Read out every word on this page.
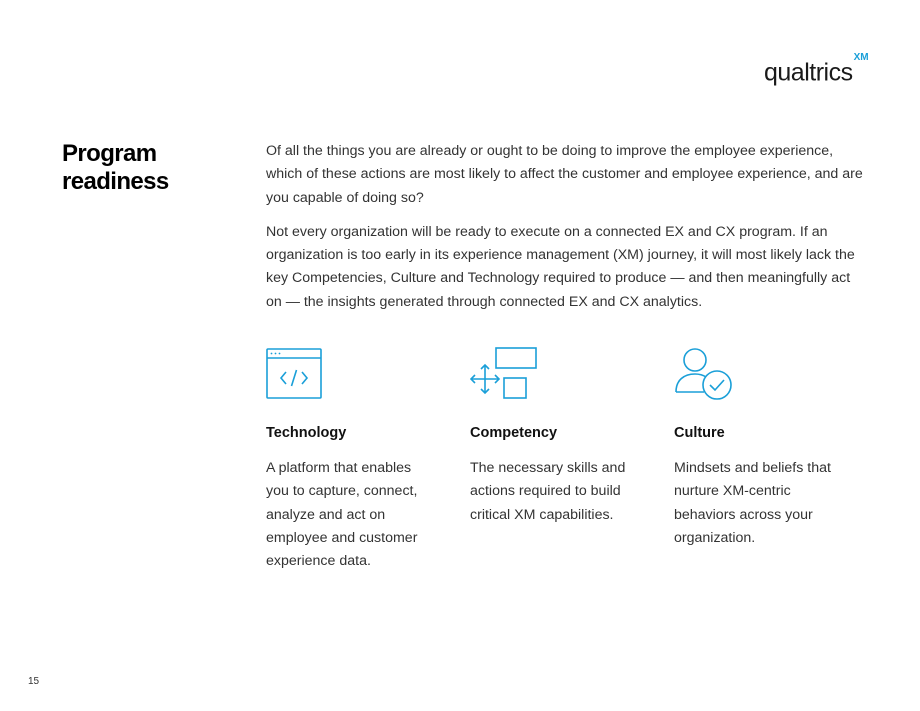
qualtrics$^{XM}$
Program
readiness

Of all the things you are already or ought to be doing to improve the employee experience, which of these actions are most likely to affect the customer and employee experience, and are you capable of doing so?

Not every organization will be ready to execute on a connected EX and CX program. If an organization is too early in its experience management (XM) journey, it will most likely lack the key Competencies, Culture and Technology required to produce — and then meaningfully act on — the insights generated through connected EX and CX analytics.

Technology

A platform that enables you to capture, connect, analyze and act on employee and customer experience data.

Competency

The necessary skills and actions required to build critical XM capabilities.

Culture

Mindsets and beliefs that nurture XM-centric behaviors across your organization.

15
